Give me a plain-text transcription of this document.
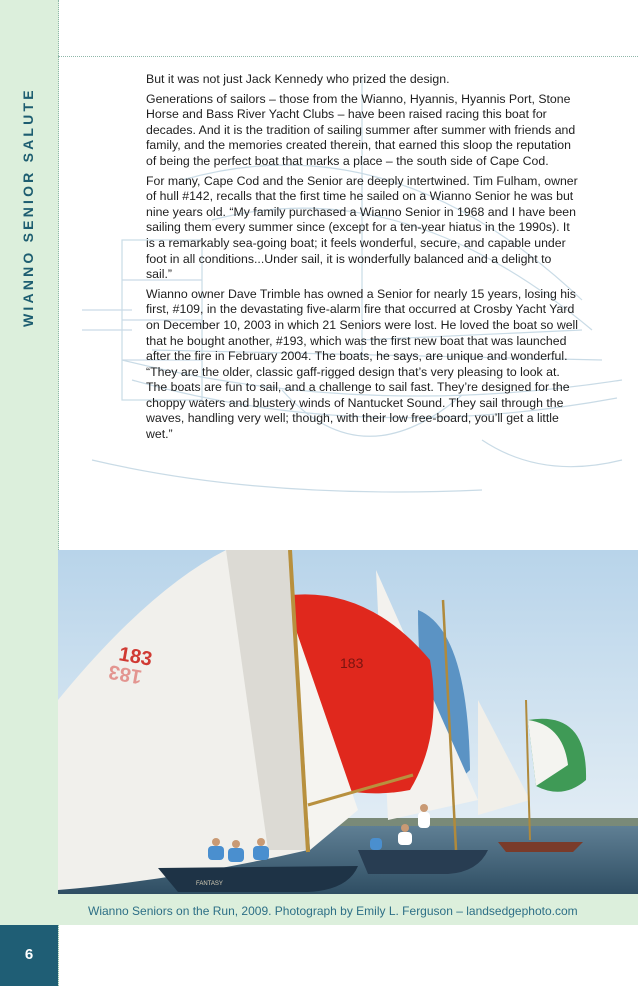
WIANNO SENIOR SALUTE
6

But it was not just Jack Kennedy who prized the design.

Generations of sailors – those from the Wianno, Hyannis, Hyannis Port, Stone Horse and Bass River Yacht Clubs – have been raised racing this boat for decades. And it is the tradition of sailing summer after summer with friends and family, and the memories created therein, that earned this sloop the reputation of being the perfect boat that marks a place – the south side of Cape Cod.

For many, Cape Cod and the Senior are deeply intertwined. Tim Fulham, owner of hull #142, recalls that the first time he sailed on a Wianno Senior he was but nine years old. “My family purchased a Wianno Senior in 1968 and I have been sailing them every summer since (except for a ten-year hiatus in the 1990s). It is a remarkably sea-going boat; it feels wonderful, secure, and capable under foot in all conditions...Under sail, it is wonderfully balanced and a delight to sail.”

Wianno owner Dave Trimble has owned a Senior for nearly 15 years, losing his first, #109, in the devastating five-alarm fire that occurred at Crosby Yacht Yard on December 10, 2003 in which 21 Seniors were lost. He loved the boat so well that he bought another, #193, which was the first new boat that was launched after the fire in February 2004. The boats, he says, are unique and wonderful. “They are the older, classic gaff-rigged design that’s very pleasing to look at. The boats are fun to sail, and a challenge to sail fast. They’re designed for the choppy waters and blustery winds of Nantucket Sound. They sail through the waves, handling very well; though, with their low free-board, you’ll get a little wet.”

183
183
183
FANTASY
Wianno Seniors on the Run, 2009. Photograph by Emily L. Ferguson – landsedgephoto.com
